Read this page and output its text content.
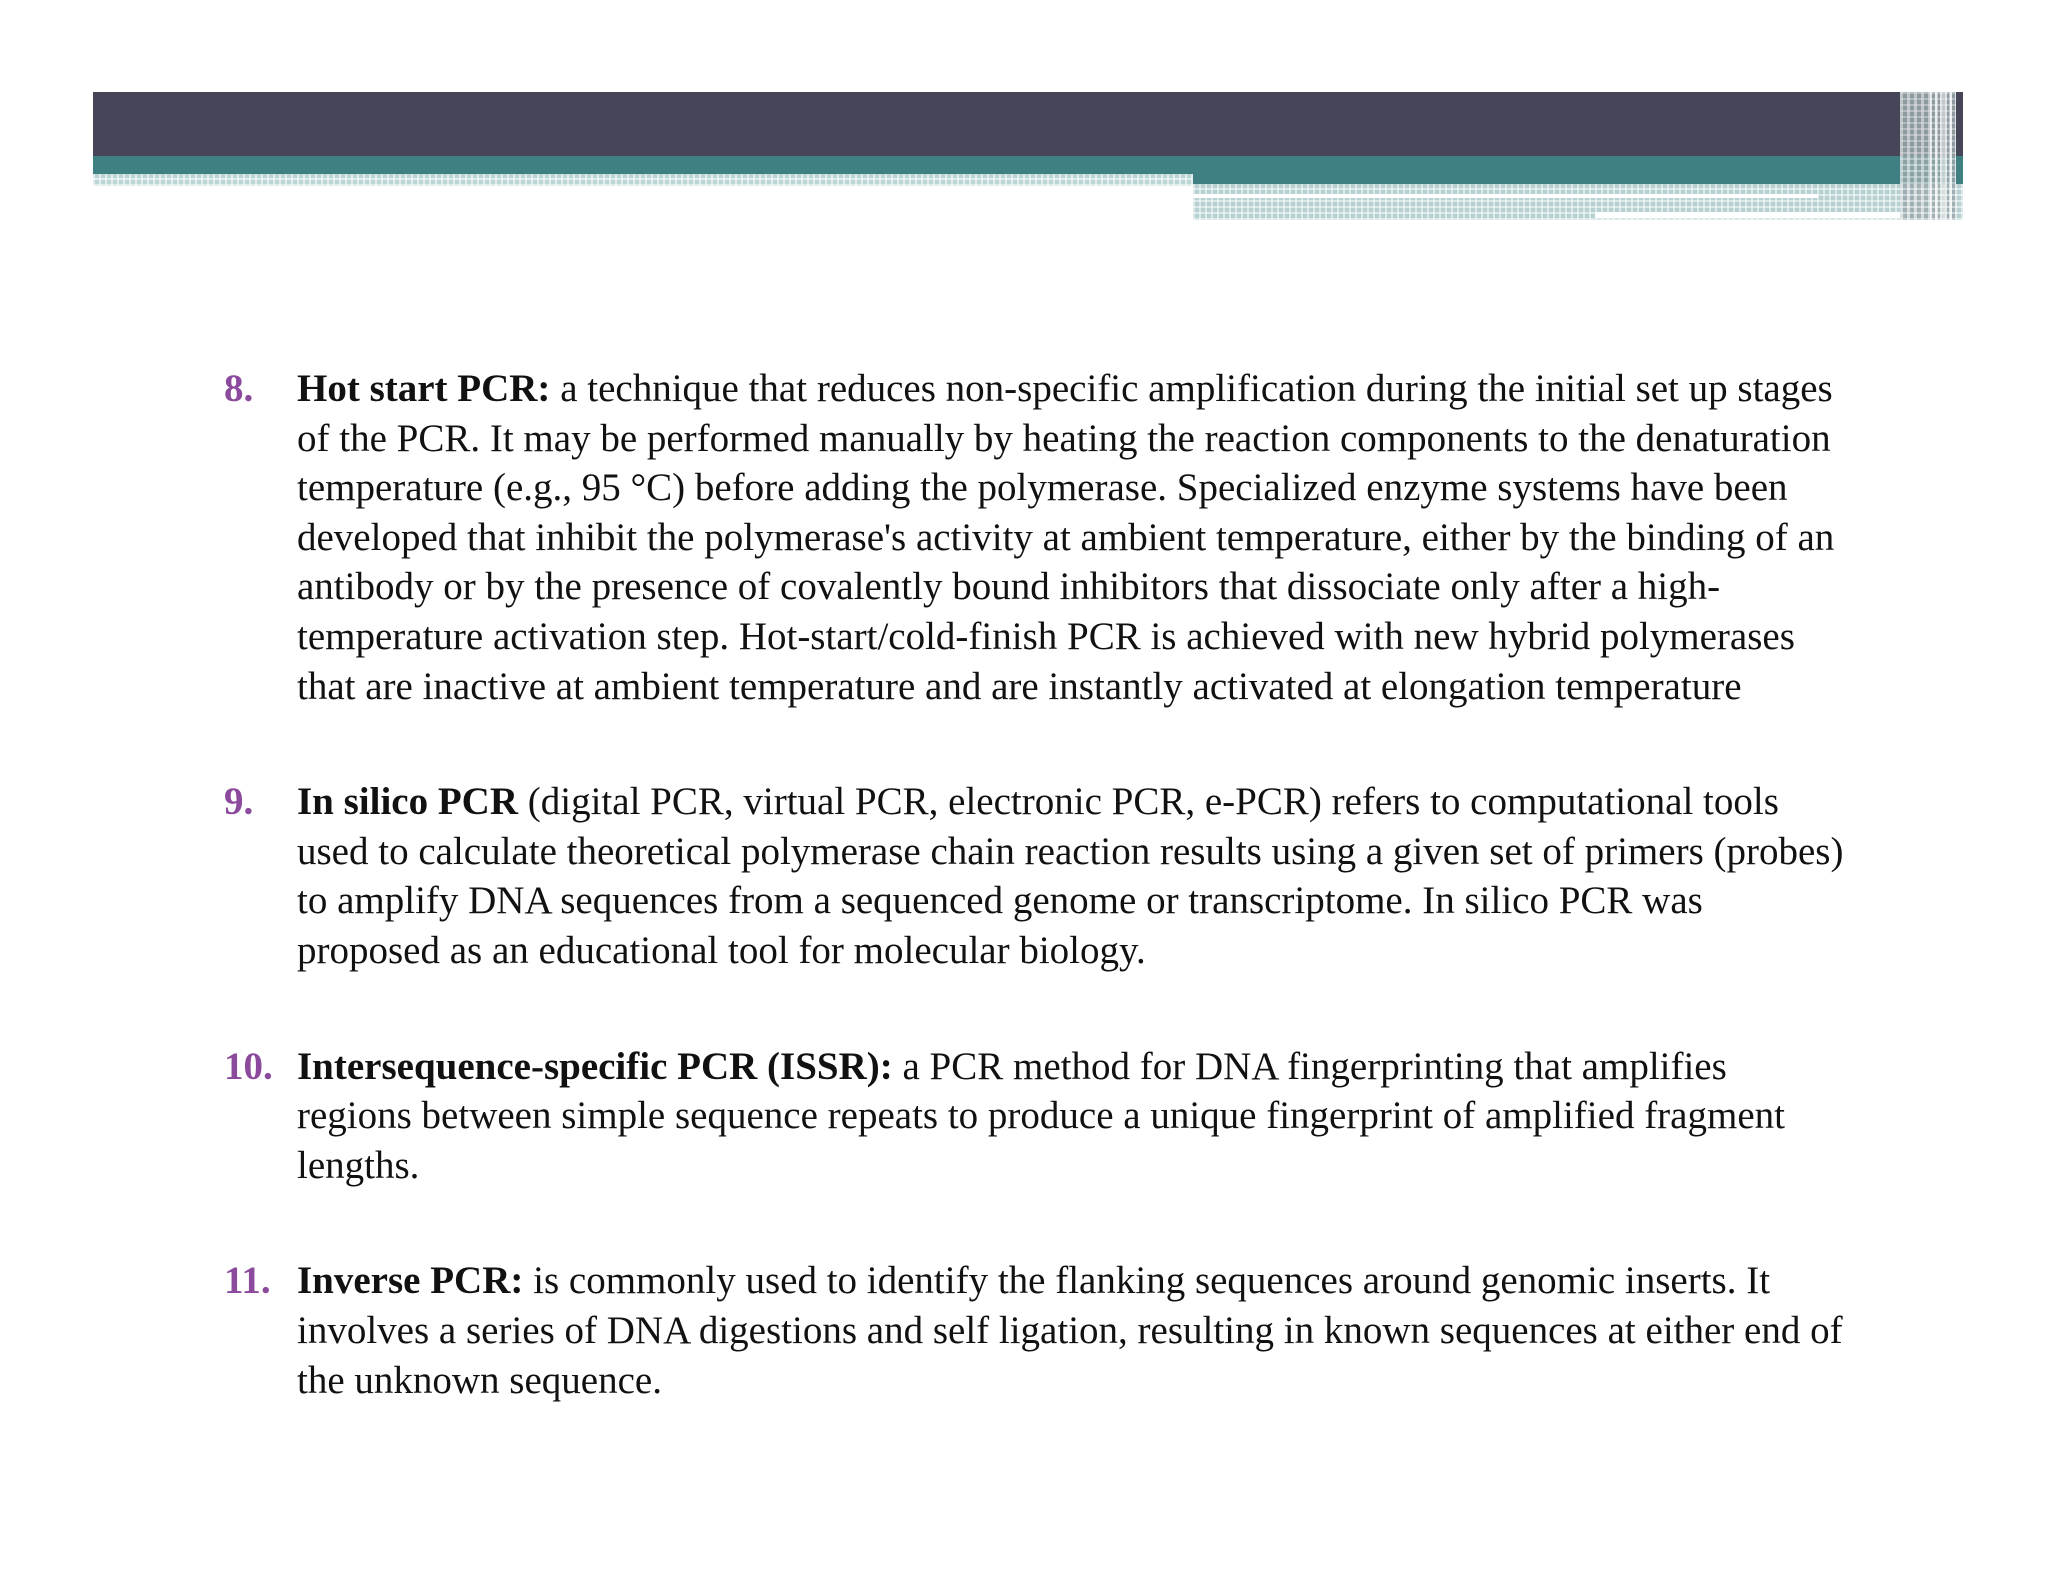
8.	Hot start PCR: a technique that reduces non-specific amplification during the initial set up stages of the PCR. It may be performed manually by heating the reaction components to the denaturation temperature (e.g., 95 °C) before adding the polymerase. Specialized enzyme systems have been developed that inhibit the polymerase's activity at ambient temperature, either by the binding of an antibody or by the presence of covalently bound inhibitors that dissociate only after a high-temperature activation step. Hot-start/cold-finish PCR is achieved with new hybrid polymerases that are inactive at ambient temperature and are instantly activated at elongation temperature
9.	In silico PCR (digital PCR, virtual PCR, electronic PCR, e-PCR) refers to computational tools used to calculate theoretical polymerase chain reaction results using a given set of primers (probes) to amplify DNA sequences from a sequenced genome or transcriptome. In silico PCR was proposed as an educational tool for molecular biology.
10. Intersequence-specific PCR (ISSR): a PCR method for DNA fingerprinting that amplifies regions between simple sequence repeats to produce a unique fingerprint of amplified fragment lengths.
11. Inverse PCR: is commonly used to identify the flanking sequences around genomic inserts. It involves a series of DNA digestions and self ligation, resulting in known sequences at either end of the unknown sequence.
